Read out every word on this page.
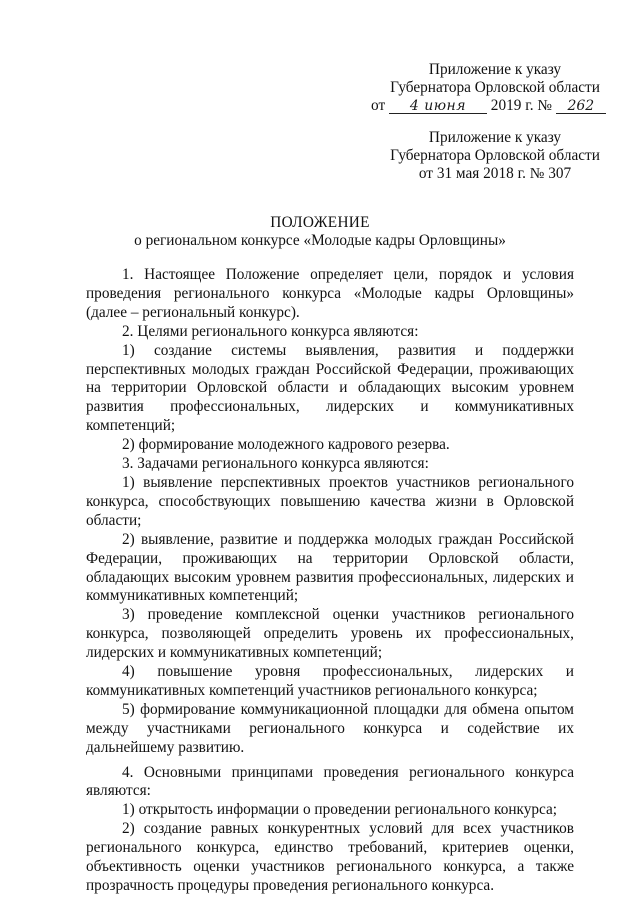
Приложение к указу
Губернатора Орловской области
от 4 июня 2019 г. № 262
Приложение к указу
Губернатора Орловской области
от 31 мая 2018 г. № 307
ПОЛОЖЕНИЕ
о региональном конкурсе «Молодые кадры Орловщины»

1. Настоящее Положение определяет цели, порядок и условия проведения регионального конкурса «Молодые кадры Орловщины» (далее – региональный конкурс).

2. Целями регионального конкурса являются:

1) создание системы выявления, развития и поддержки перспективных молодых граждан Российской Федерации, проживающих на территории Орловской области и обладающих высоким уровнем развития профессиональных, лидерских и коммуникативных компетенций;

2) формирование молодежного кадрового резерва.

3. Задачами регионального конкурса являются:

1) выявление перспективных проектов участников регионального конкурса, способствующих повышению качества жизни в Орловской области;

2) выявление, развитие и поддержка молодых граждан Российской Федерации, проживающих на территории Орловской области, обладающих высоким уровнем развития профессиональных, лидерских и коммуникативных компетенций;

3) проведение комплексной оценки участников регионального конкурса, позволяющей определить уровень их профессиональных, лидерских и коммуникативных компетенций;

4) повышение уровня профессиональных, лидерских и коммуникативных компетенций участников регионального конкурса;

5) формирование коммуникационной площадки для обмена опытом между участниками регионального конкурса и содействие их дальнейшему развитию.

4. Основными принципами проведения регионального конкурса являются:

1) открытость информации о проведении регионального конкурса;

2) создание равных конкурентных условий для всех участников регионального конкурса, единство требований, критериев оценки, объективность оценки участников регионального конкурса, а также прозрачность процедуры проведения регионального конкурса.
